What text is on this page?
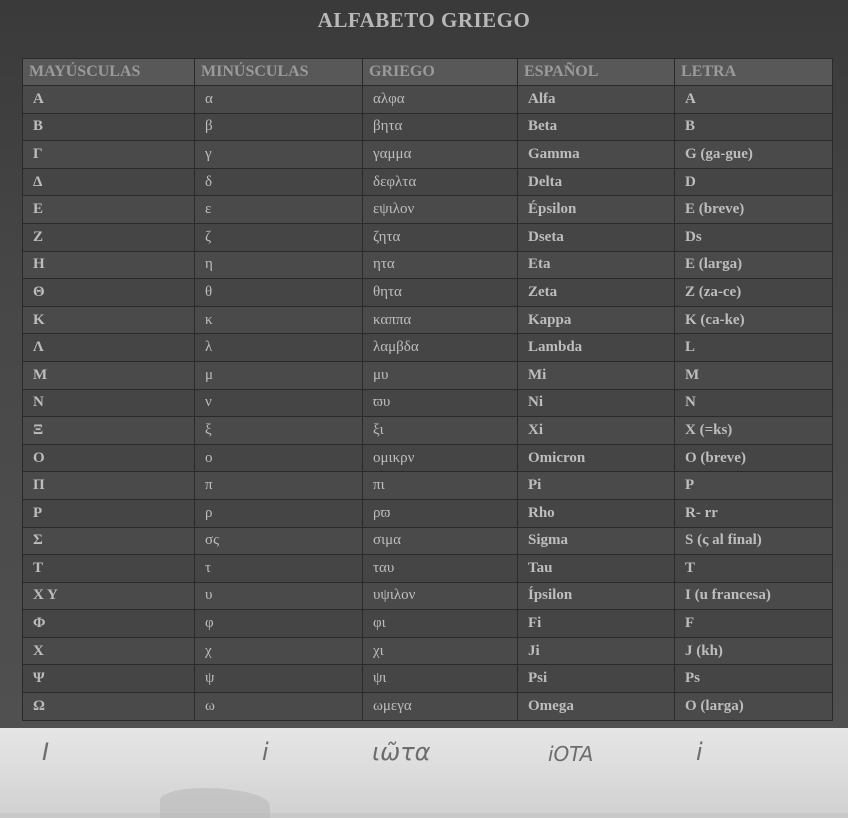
ALFABETO GRIEGO
MAYÚSCULAS	MINÚSCULAS	GRIEGO	ESPAÑOL	LETRA
Α	α	αλφα	Alfa	A
Β	β	βητα	Beta	B
Γ	γ	γαμμα	Gamma	G (ga-gue)
Δ	δ	δεφλτα	Delta	D
Ε	ε	εψιλον	Épsilon	E (breve)
Ζ	ζ	ζητα	Dseta	Ds
Η	η	ητα	Eta	E (larga)
Θ	θ	θητα	Zeta	Z (za-ce)
Κ	κ	καππα	Kappa	K (ca-ke)
Λ	λ	λαμβδα	Lambda	L
Μ	μ	μυ	Mi	M
Ν	ν	ϖυ	Ni	N
Ξ	ξ	ξι	Xi	X (=ks)
Ο	ο	ομικρν	Omicron	O (breve)
Π	π	πι	Pi	P
Ρ	ρ	ρϖ	Rho	R- rr
Σ	σς	σιμα	Sigma	S (ς al final)
Τ	τ	ταυ	Tau	T
Χ Υ	υ	υψιλον	Ípsilon	I (u francesa)
Φ	φ	φι	Fi	F
Χ	χ	χι	Ji	J (kh)
Ψ	ψ	ψι	Psi	Ps
Ω	ω	ωμεγα	Omega	O (larga)
I	i	ιῶτα	iOTA	i
